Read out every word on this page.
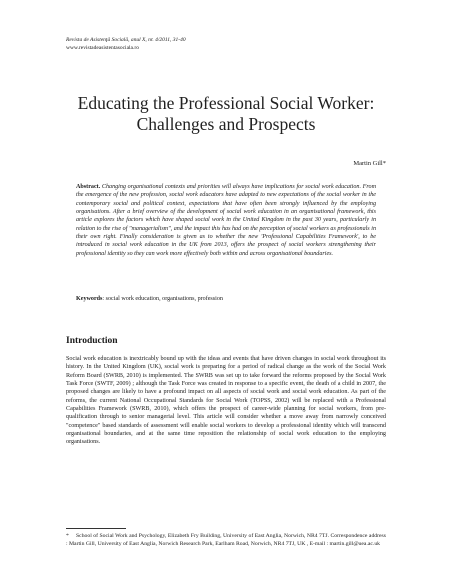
Revista de Asistenţă Socială, anul X, nr. 4/2011, 31-40
www.revistadeasistentasociala.ro
Educating the Professional Social Worker:
Challenges and Prospects
Martin Gill*
Abstract. Changing organisational contexts and priorities will always have implications for social work education. From the emergence of the new profession, social work educators have adapted to new expectations of the social worker in the contemporary social and political context, expectations that have often been strongly influenced by the employing organisations. After a brief overview of the development of social work education in an organisational framework, this article explores the factors which have shaped social work in the United Kingdom in the past 30 years, particularly in relation to the rise of "managerialism", and the impact this has had on the perception of social workers as professionals in their own right. Finally consideration is given as to whether the new 'Professional Capabilities Framework', to be introduced in social work education in the UK from 2013, offers the prospect of social workers strengthening their professional identity so they can work more effectively both within and across organisational boundaries.
Keywords: social work education, organisations, profession
Introduction
Social work education is inextricably bound up with the ideas and events that have driven changes in social work throughout its history. In the United Kingdom (UK), social work is preparing for a period of radical change as the work of the Social Work Reform Board (SWRB, 2010) is implemented. The SWRB was set up to take forward the reforms proposed by the Social Work Task Force (SWTF, 2009) ; although the Task Force was created in response to a specific event, the death of a child in 2007, the proposed changes are likely to have a profound impact on all aspects of social work and social work education. As part of the reforms, the current National Occupational Standards for Social Work (TOPSS, 2002) will be replaced with a Professional Capabilities Framework (SWRB, 2010), which offers the prospect of career-wide planning for social workers, from pre-qualification through to senior managerial level. This article will consider whether a move away from narrowly conceived "competence" based standards of assessment will enable social workers to develop a professional identity which will transcend organisational boundaries, and at the same time reposition the relationship of social work education to the employing organisations.
* School of Social Work and Psychology, Elizabeth Fry Building, University of East Anglia, Norwich, NR4 7TJ. Correspondence address : Martin Gill, University of East Anglia, Norwich Research Park, Earlham Road, Norwich, NR4 7TJ, UK , E-mail : martin.gill@uea.ac.uk
